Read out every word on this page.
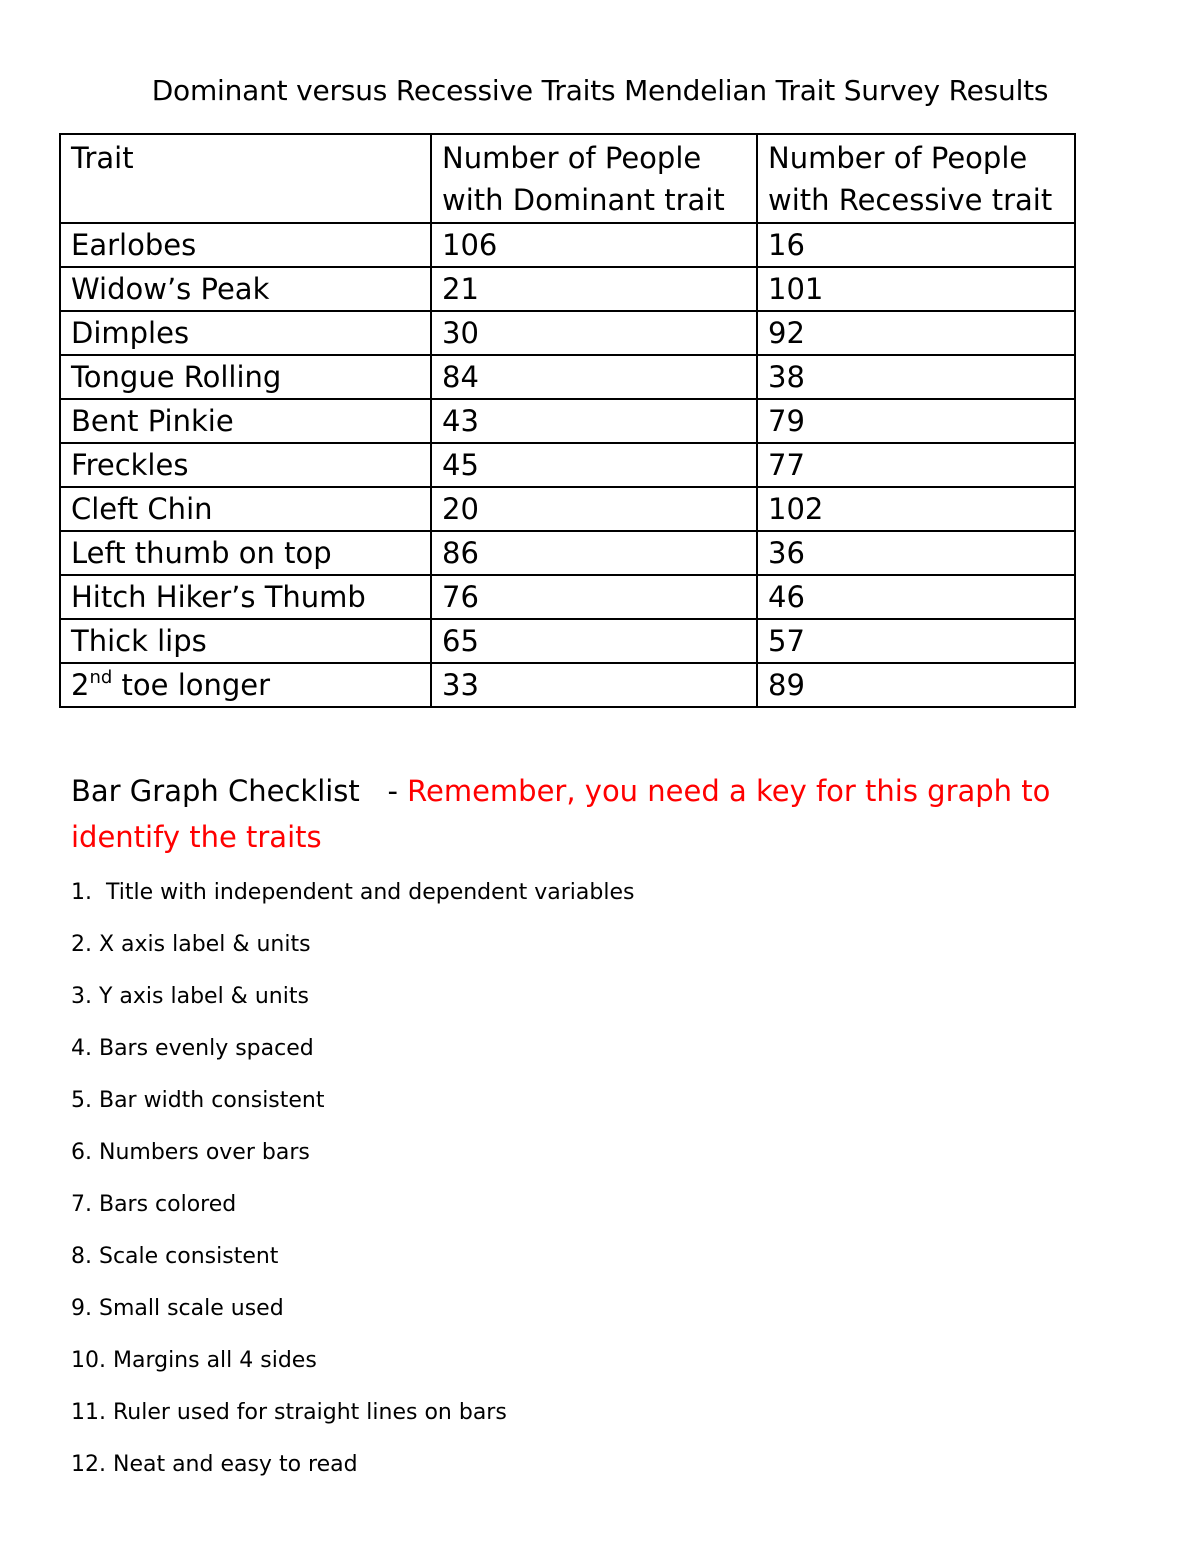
Dominant versus Recessive Traits Mendelian Trait Survey Results
Trait	Number of People with Dominant trait	Number of People with Recessive trait
Earlobes	106	16
Widow’s Peak	21	101
Dimples	30	92
Tongue Rolling	84	38
Bent Pinkie	43	79
Freckles	45	77
Cleft Chin	20	102
Left thumb on top	86	36
Hitch Hiker’s Thumb	76	46
Thick lips	65	57
2nd toe longer	33	89

Bar Graph Checklist   - Remember, you need a key for this graph to identify the traits

1.  Title with independent and dependent variables
2. X axis label & units
3. Y axis label & units
4. Bars evenly spaced
5. Bar width consistent
6. Numbers over bars
7. Bars colored
8. Scale consistent
9. Small scale used
10. Margins all 4 sides
11. Ruler used for straight lines on bars
12. Neat and easy to read
